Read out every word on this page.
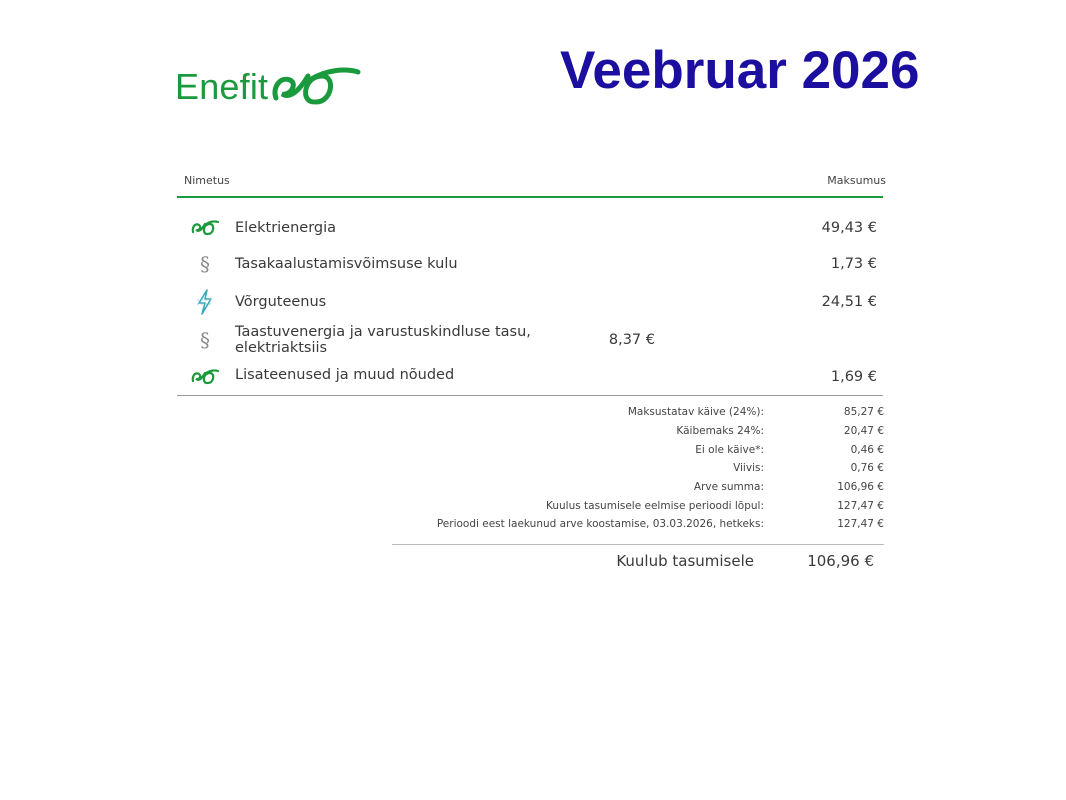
Enefit	Veebruar 2026
Nimetus	Maksumus
Elektrienergia	49,43 €
§ Tasakaalustamisvõimsuse kulu	1,73 €
Võrguteenus	24,51 €
§ Taastuvenergia ja varustuskindluse tasu, elektriaktsiis	8,37 €
Lisateenused ja muud nõuded	1,69 €
Maksustatav käive (24%):	85,27 €
Käibemaks 24%:	20,47 €
Ei ole käive*:	0,46 €
Viivis:	0,76 €
Arve summa:	106,96 €
Kuulus tasumisele eelmise perioodi lõpul:	127,47 €
Perioodi eest laekunud arve koostamise, 03.03.2026, hetkeks:	127,47 €
Kuulub tasumisele	106,96 €
